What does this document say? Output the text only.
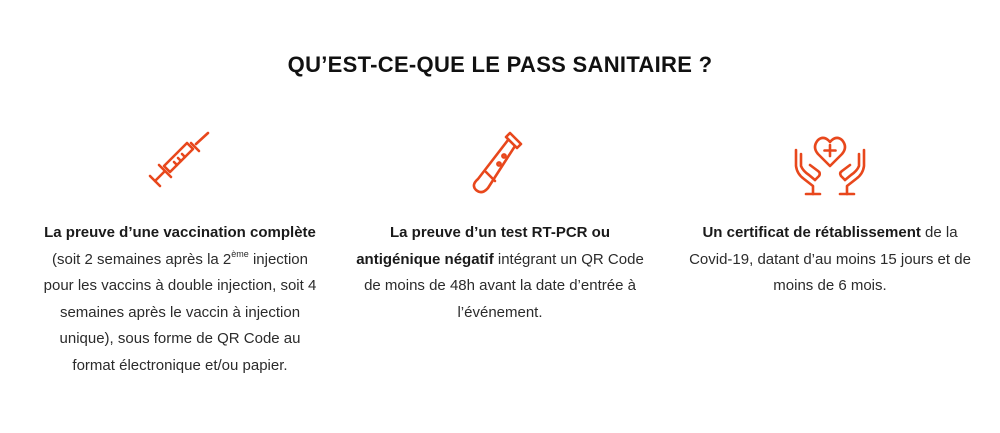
QU’EST-CE-QUE LE PASS SANITAIRE ?
La preuve d’une vaccination complète (soit 2 semaines après la 2ème injection pour les vaccins à double injection, soit 4 semaines après le vaccin à injection unique), sous forme de QR Code au format électronique et/ou papier.
La preuve d’un test RT-PCR ou antigénique négatif intégrant un QR Code de moins de 48h avant la date d’entrée à l’événement.
Un certificat de rétablissement de la Covid-19, datant d’au moins 15 jours et de moins de 6 mois.
